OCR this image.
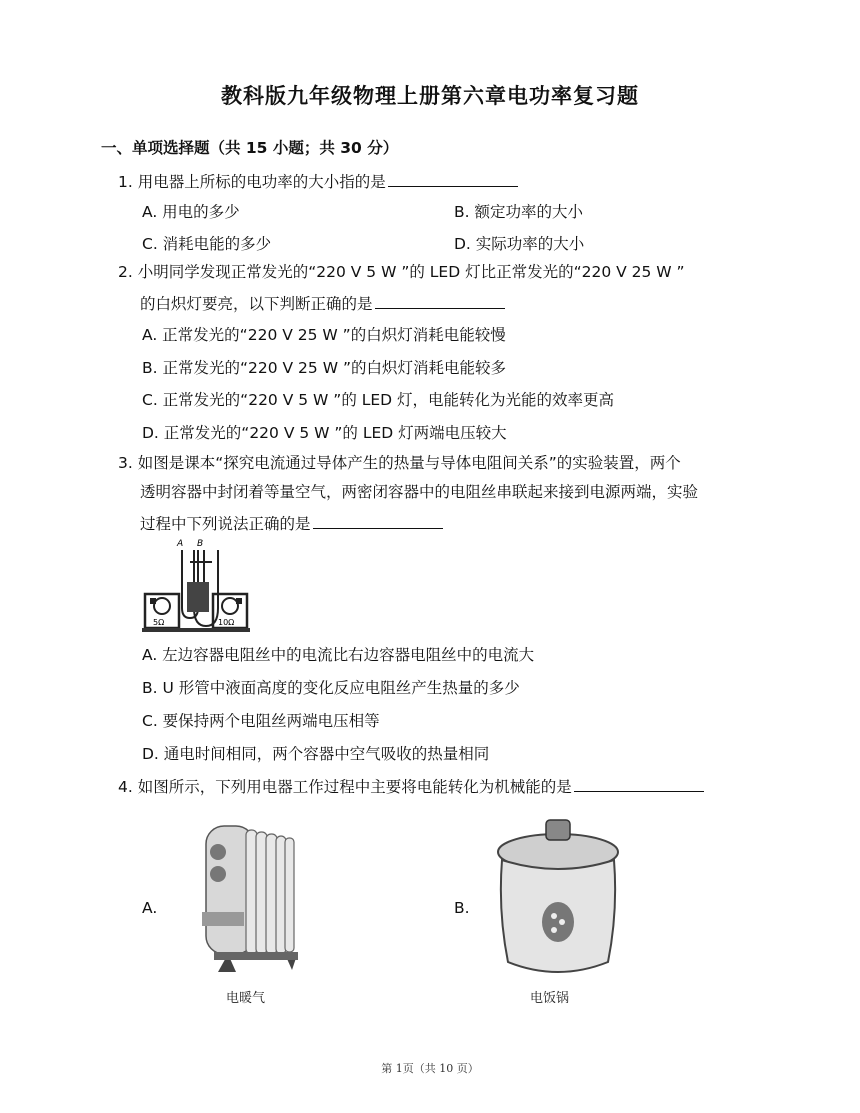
教科版九年级物理上册第六章电功率复习题
一、单项选择题（共 15 小题；共 30 分）
1. 用电器上所标的电功率的大小指的是
A. 用电的多少	B. 额定功率的大小
C. 消耗电能的多少	D. 实际功率的大小
2. 小明同学发现正常发光的“220 V 5 W ”的 LED 灯比正常发光的“220 V 25 W ”
的白炽灯要亮，以下判断正确的是
A. 正常发光的“220 V 25 W ”的白炽灯消耗电能较慢
B. 正常发光的“220 V 25 W ”的白炽灯消耗电能较多
C. 正常发光的“220 V 5 W ”的 LED 灯，电能转化为光能的效率更高
D. 正常发光的“220 V 5 W ”的 LED 灯两端电压较大
3. 如图是课本“探究电流通过导体产生的热量与导体电阻间关系”的实验装置，两个
透明容器中封闭着等量空气，两密闭容器中的电阻丝串联起来接到电源两端，实验
过程中下列说法正确的是
A B
5Ω	10Ω
A. 左边容器电阻丝中的电流比右边容器电阻丝中的电流大
B. U 形管中液面高度的变化反应电阻丝产生热量的多少
C. 要保持两个电阻丝两端电压相等
D. 通电时间相同，两个容器中空气吸收的热量相同
4. 如图所示，下列用电器工作过程中主要将电能转化为机械能的是
A.	B.
电暖气	电饭锅
第 1页（共 10 页）
